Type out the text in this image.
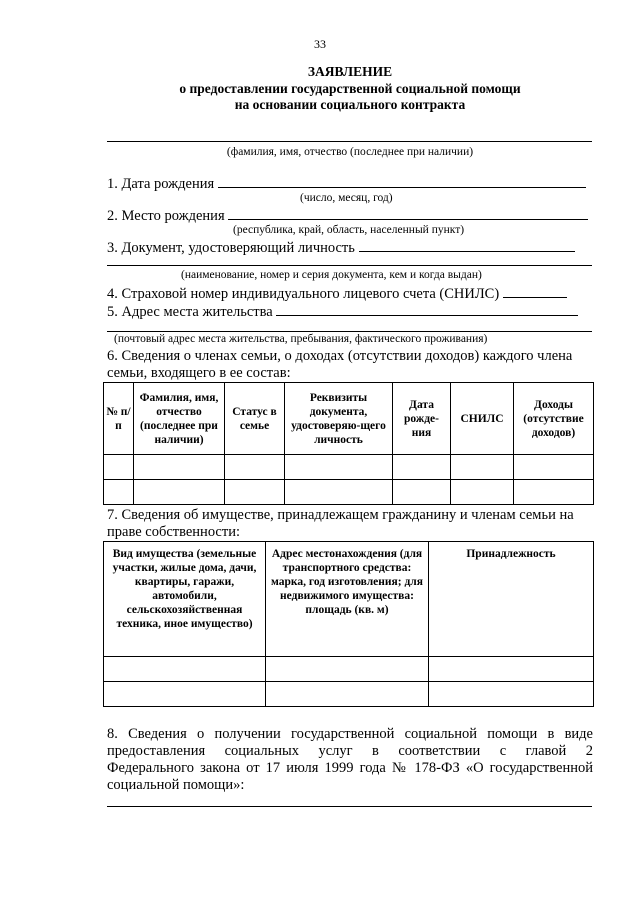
33
ЗАЯВЛЕНИЕ
о предоставлении государственной социальной помощи
на основании социального контракта
(фамилия, имя, отчество (последнее при наличии)
1. Дата рождения
(число, месяц, год)
2. Место рождения
(республика, край, область, населенный пункт)
3. Документ, удостоверяющий личность
(наименование, номер и серия документа, кем и когда выдан)
4. Страховой номер индивидуального лицевого счета (СНИЛС)
5. Адрес места жительства
(почтовый адрес места жительства, пребывания, фактического проживания)
6. Сведения о членах семьи, о доходах (отсутствии доходов) каждого члена
семьи, входящего в ее состав:
№ п/п	Фамилия, имя, отчество (последнее при наличии)	Статус в семье	Реквизиты документа, удостоверяю-щего личность	Дата рожде-ния	СНИЛС	Доходы (отсутствие доходов)

7. Сведения об имуществе, принадлежащем гражданину и членам семьи на
праве собственности:
Вид имущества (земельные участки, жилые дома, дачи, квартиры, гаражи, автомобили, сельскохозяйственная техника, иное имущество)	Адрес местонахождения (для транспортного средства: марка, год изготовления; для недвижимого имущества: площадь (кв. м)	Принадлежность

8. Сведения о получении государственной социальной помощи в виде
предоставления социальных услуг в соответствии с главой 2
Федерального закона от 17 июля 1999 года № 178-ФЗ «О государственной
социальной помощи»:
